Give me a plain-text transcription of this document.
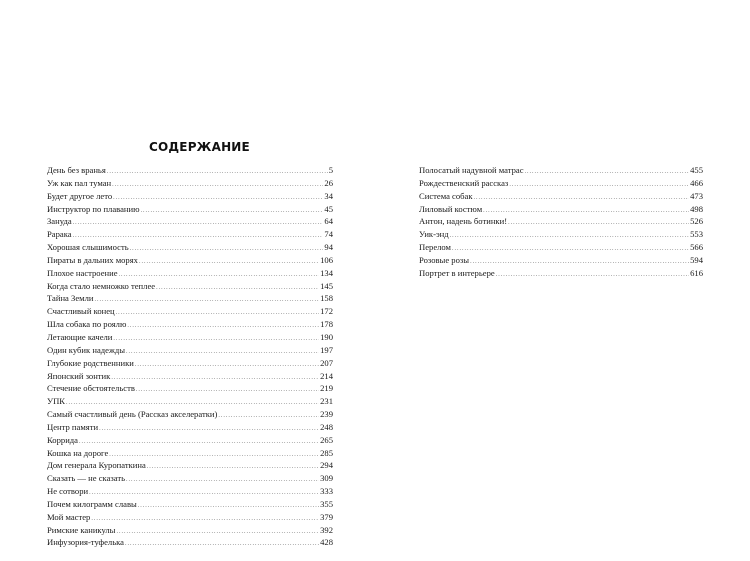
СОДЕРЖАНИЕ
День без вранья .....	5
Уж как пал туман .....	26
Будет другое лето .....	34
Инструктор по плаванию .....	45
Зануда .....	64
Рарака .....	74
Хорошая слышимость .....	94
Пираты в дальних морях .....	106
Плохое настроение .....	134
Когда стало немножко теплее .....	145
Тайна Земли .....	158
Счастливый конец .....	172
Шла собака по роялю .....	178
Летающие качели .....	190
Один кубик надежды .....	197
Глубокие родственники .....	207
Японский зонтик .....	214
Стечение обстоятельств .....	219
УПК .....	231
Самый счастливый день (Рассказ акселератки) .....	239
Центр памяти .....	248
Коррида .....	265
Кошка на дороге .....	285
Дом генерала Куропаткина .....	294
Сказать — не сказать .....	309
Не сотвори .....	333
Почем килограмм славы .....	355
Мой мастер .....	379
Римские каникулы .....	392
Инфузория-туфелька .....	428
Полосатый надувной матрас .....	455
Рождественский рассказ .....	466
Система собак .....	473
Лиловый костюм .....	498
Антон, надень ботинки! .....	526
Уик-энд .....	553
Перелом .....	566
Розовые розы .....	594
Портрет в интерьере .....	616
